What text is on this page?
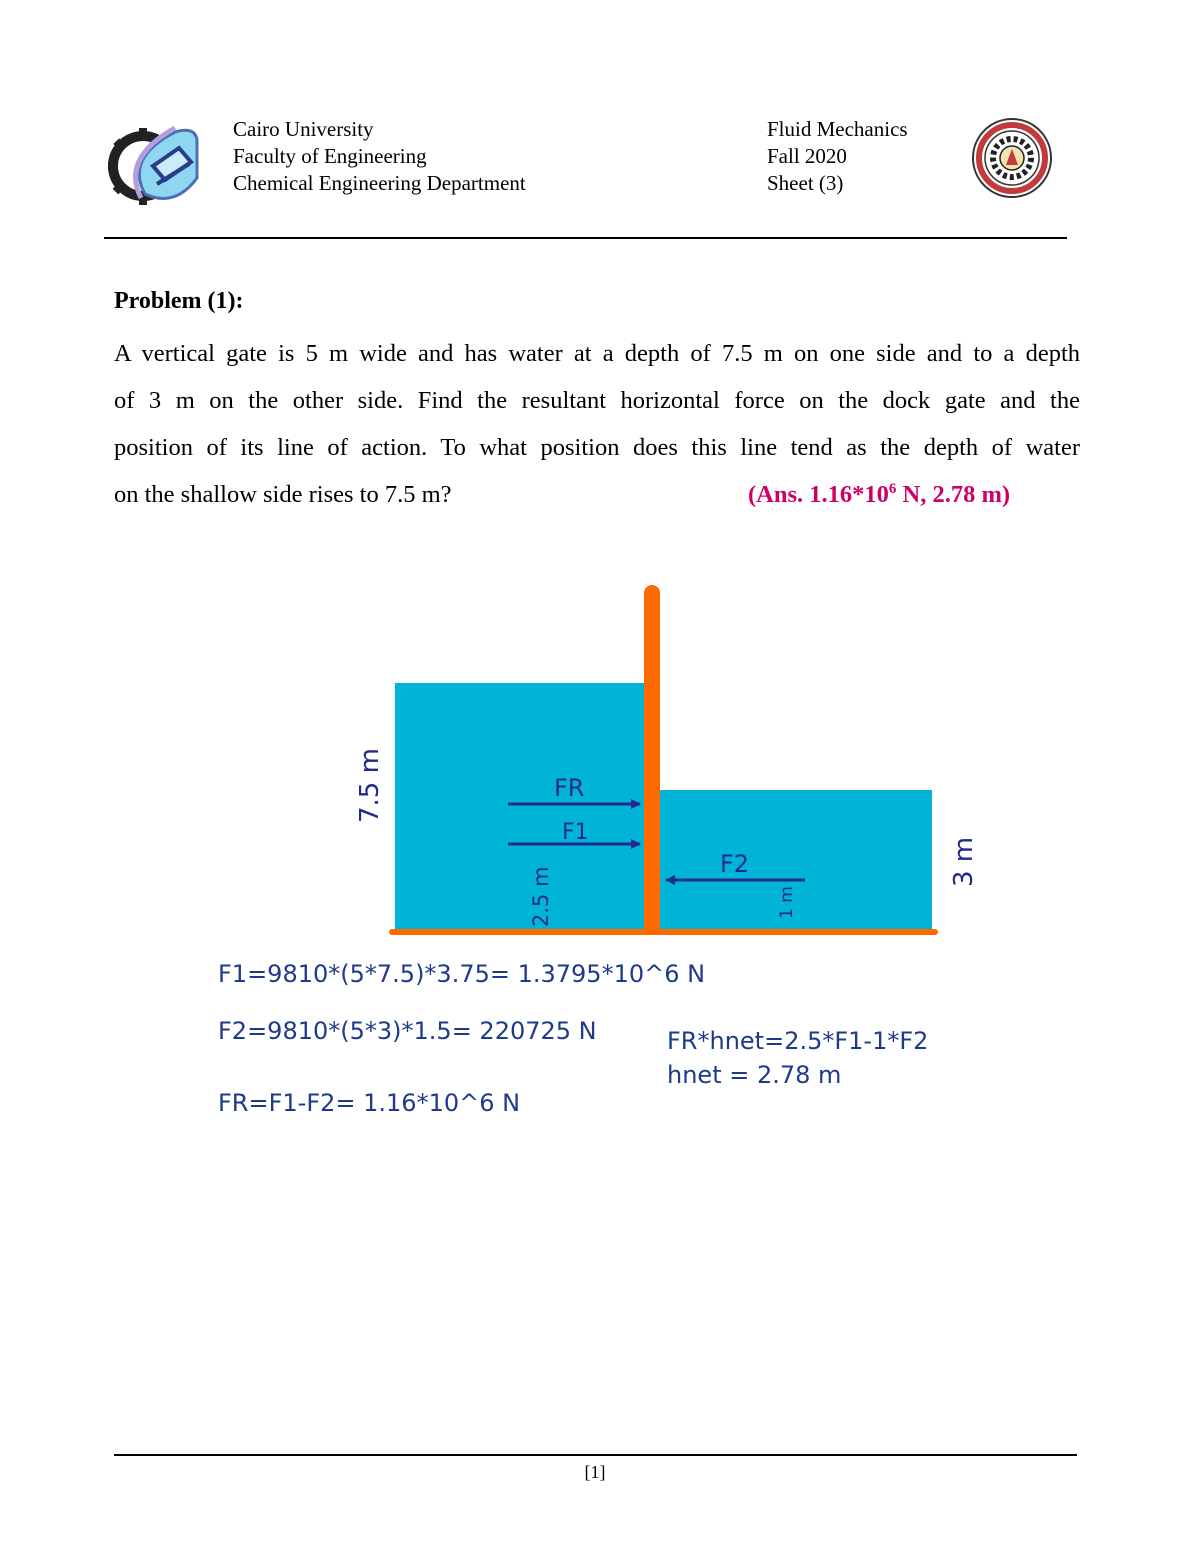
Cairo University
Faculty of Engineering
Chemical Engineering Department
Fluid Mechanics
Fall 2020
Sheet (3)
Problem (1):
A vertical gate is 5 m wide and has water at a depth of 7.5 m on one side and to a depth
of 3 m on the other side. Find the resultant horizontal force on the dock gate and the
position of its line of action. To what position does this line tend as the depth of water
on the shallow side rises to 7.5 m?	(Ans. $1.16*10^6$ N, 2.78 m)
FR
F1
F2
7.5 m
3 m
2.5 m	1 m
F1=9810*(5*7.5)*3.75= 1.3795*10^6 N
F2=9810*(5*3)*1.5= 220725 N
FR=F1-F2= 1.16*10^6 N
FR*hnet=2.5*F1-1*F2
hnet = 2.78 m
[1]
